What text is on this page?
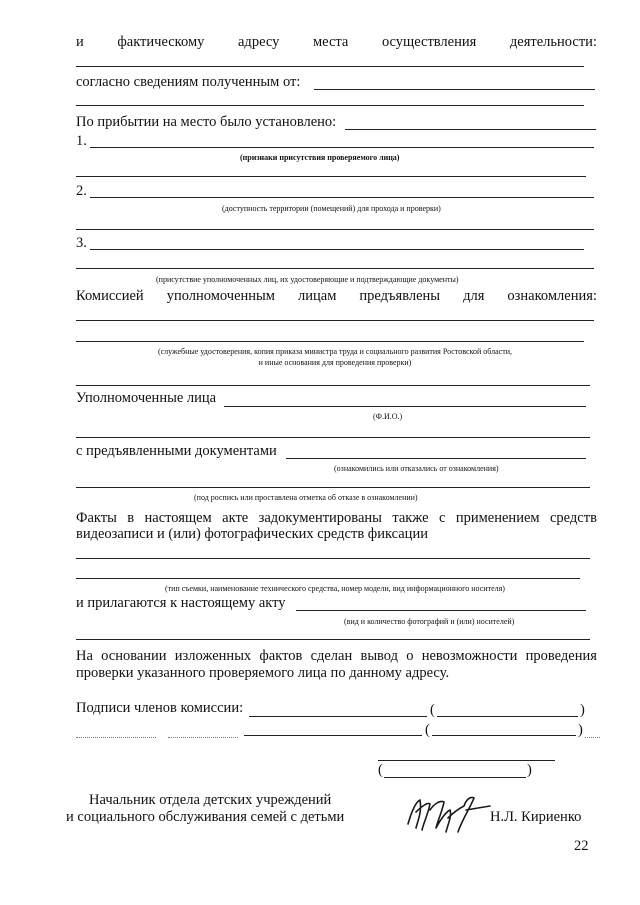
и фактическому адресу места осуществления деятельности:
согласно сведениям полученным от:
По прибытии на место было установлено:
1.
(признаки присутствия проверяемого лица)
2.
(доступность территории (помещений) для прохода и проверки)
3.
(присутствие уполномоченных лиц, их удостоверяющие и подтверждающие документы)
Комиссией уполномоченным лицам предъявлены для ознакомления:
(служебные удостоверения, копия приказа министра труда и социального развития Ростовской области,
и иные основания для проведения проверки)
Уполномоченные лица
(Ф.И.О.)
с предъявленными документами
(ознакомились или отказались от ознакомления)
(под роспись или проставлена отметка об отказе в ознакомлении)
Факты в настоящем акте задокументированы также с применением средств
видеозаписи и (или) фотографических средств фиксации
(тип съемки, наименование технического средства, номер модели, вид информационного носителя)
и прилагаются к настоящему акту
(вид и количество фотографий и (или) носителей)
На основании изложенных фактов сделан вывод о невозможности проведения
проверки указанного проверяемого лица по данному адресу.
Подписи членов комиссии:	(	)
(	)
(	)
Начальник отдела детских учреждений
и социального обслуживания семей с детьми	Н.Л. Кириенко
22
